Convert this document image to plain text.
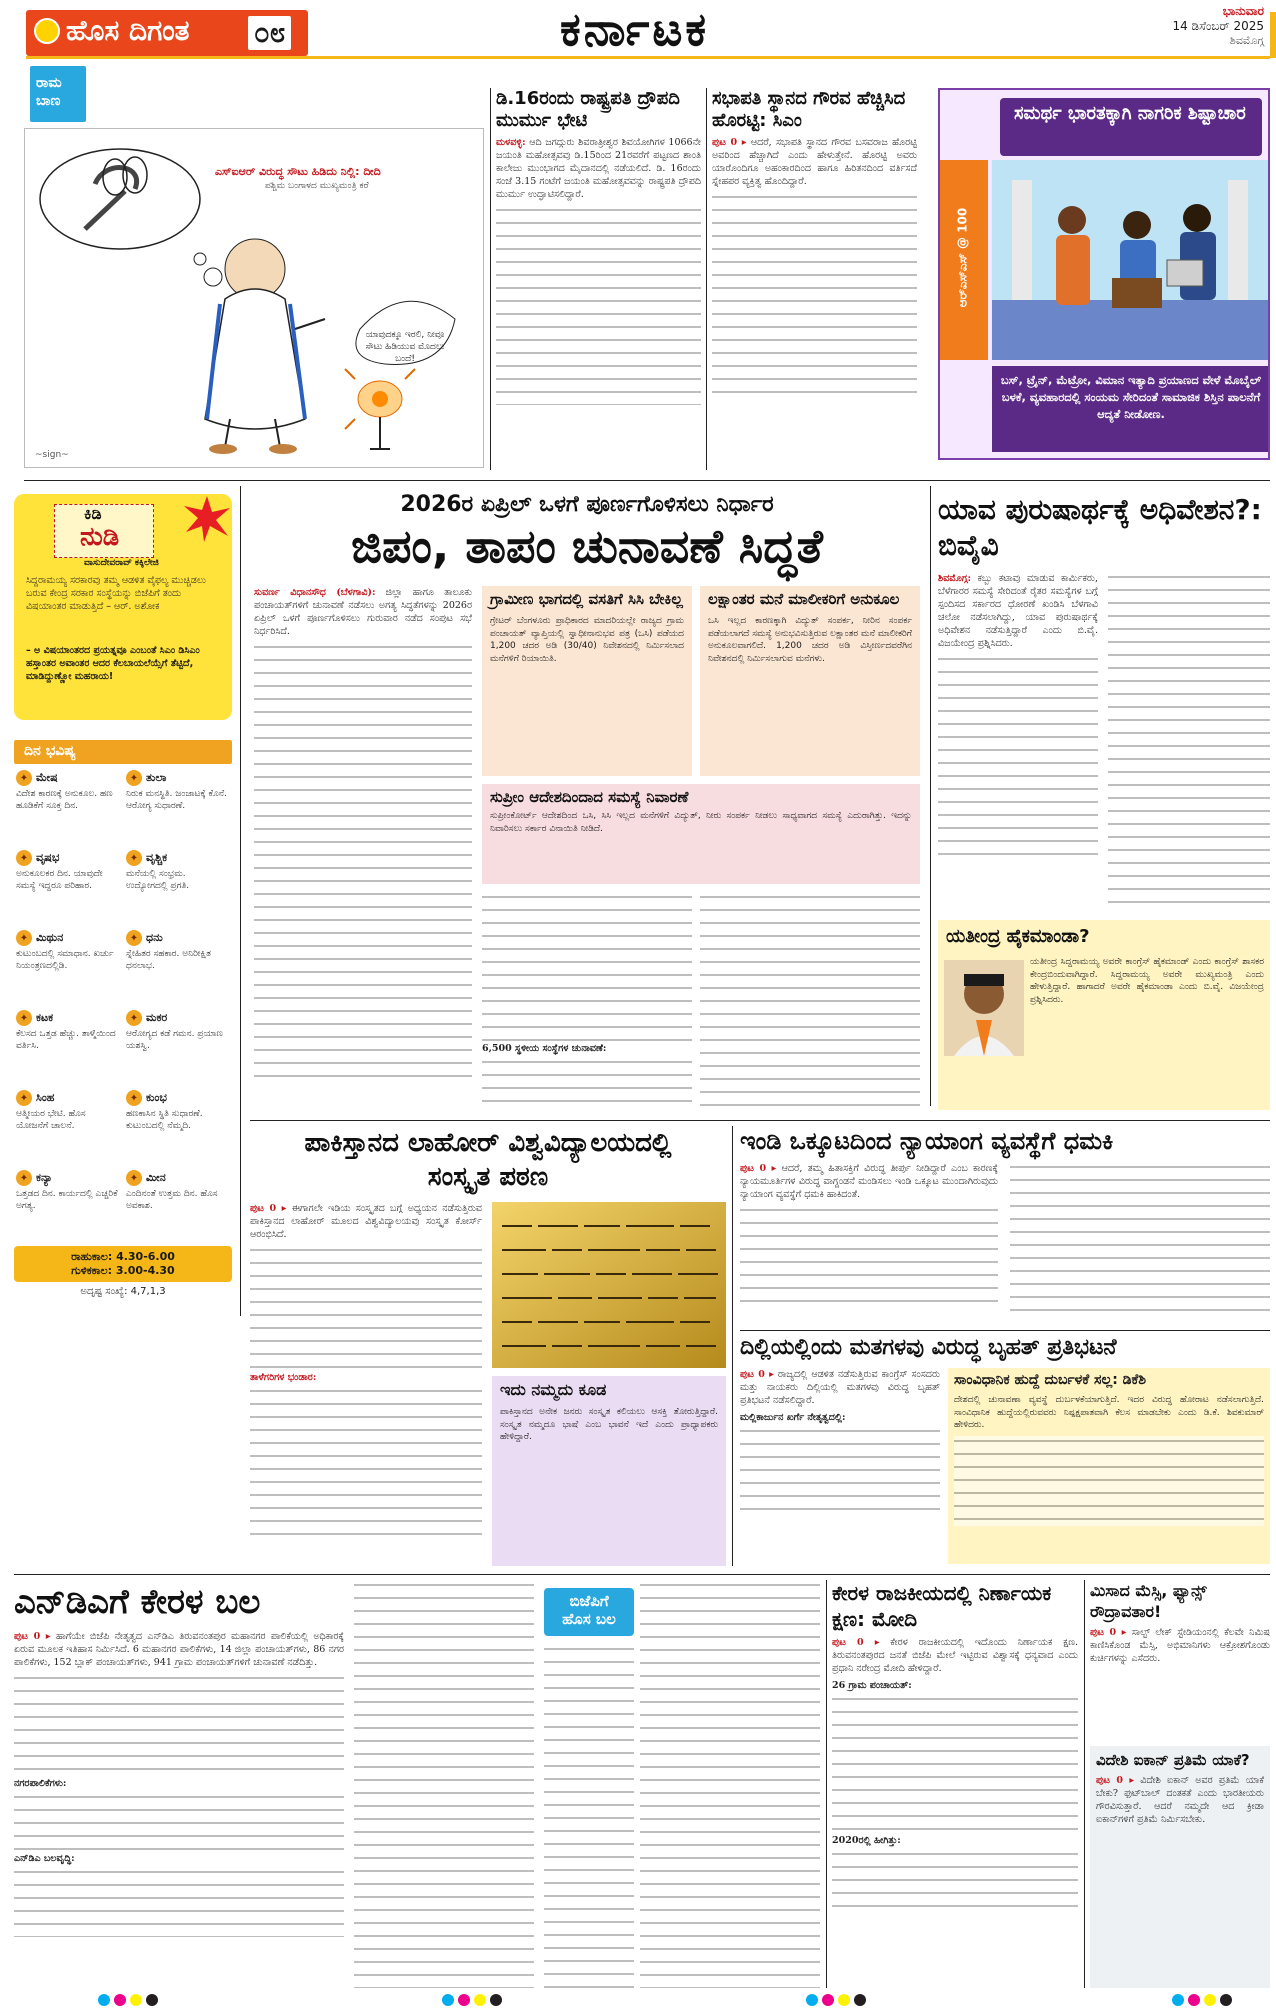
ಹೊಸ ದಿಗಂತ ೦೮	ಕರ್ನಾಟಕ	ಭಾನುವಾರ
14 ಡಿಸೆಂಬರ್ 2025
ಶಿವಮೊಗ್ಗ
ರಾಮ ಬಾಣ
ಎಸ್‌ಐಆರ್ ವಿರುದ್ಧ ಸೌಟು ಹಿಡಿದು ನಿಲ್ಲಿ: ದೀದಿ
ಪಶ್ಚಿಮ ಬಂಗಾಳದ ಮುಖ್ಯಮಂತ್ರಿ ಕರೆ
~sign~
ಯಾವುದಕ್ಕೂ ಇರಲಿ, ನೀವೂ ಸೌಟು ಹಿಡಿಯುವ ಮೊದಲು ಬಂದೆ!
ಡಿ.16ರಂದು ರಾಷ್ಟ್ರಪತಿ ದ್ರೌಪದಿ ಮುರ್ಮು ಭೇಟಿ
ಮಳವಳ್ಳಿ: ಆದಿ ಜಗದ್ಗುರು ಶಿವರಾತ್ರೀಶ್ವರ ಶಿವಯೋಗಿಗಳ 1066ನೇ ಜಯಂತಿ ಮಹೋತ್ಸವವು ಡಿ.15ರಿಂದ 21ರವರೆಗೆ ಪಟ್ಟಣದ ಶಾಂತಿ ಕಾಲೇಜು ಮುಂಭಾಗದ ಮೈದಾನದಲ್ಲಿ ನಡೆಯಲಿದೆ. ಡಿ. 16ರಂದು ಸಂಜೆ 3.15 ಗಂಟೆಗೆ ಜಯಂತಿ ಮಹೋತ್ಸವವನ್ನು ರಾಷ್ಟ್ರಪತಿ ದ್ರೌಪದಿ ಮುರ್ಮು ಉದ್ಘಾಟಿಸಲಿದ್ದಾರೆ.
ಸಭಾಪತಿ ಸ್ಥಾನದ ಗೌರವ ಹೆಚ್ಚಿಸಿದ ಹೊರಟ್ಟಿ: ಸಿಎಂ
ಪುಟ 0 ▸ ಆದರೆ, ಸಭಾಪತಿ ಸ್ಥಾನದ ಗೌರವ ಬಸವರಾಜ ಹೊರಟ್ಟಿ ಅವರಿಂದ ಹೆಚ್ಚಾಗಿದೆ ಎಂದು ಹೇಳುತ್ತೇನೆ. ಹೊರಟ್ಟಿ ಅವರು ಯಾರೊಂದಿಗೂ ಅಹಂಕಾರದಿಂದ ಹಾಗೂ ಹಿರಿತನದಿಂದ ವರ್ತಿಸದೆ ಸ್ನೇಹಪರ ವ್ಯಕ್ತಿತ್ವ ಹೊಂದಿದ್ದಾರೆ.
ಸಮರ್ಥ ಭಾರತಕ್ಕಾಗಿ ನಾಗರಿಕ ಶಿಷ್ಟಾಚಾರ
ಆರ್‌ಎಸ್‌ಎಸ್ @ 100
ಬಸ್, ಟ್ರೈನ್, ಮೆಟ್ರೋ, ವಿಮಾನ ಇತ್ಯಾದಿ ಪ್ರಯಾಣದ ವೇಳೆ ಮೊಬೈಲ್ ಬಳಕೆ, ವ್ಯವಹಾರದಲ್ಲಿ ಸಂಯಮ ಸೇರಿದಂತೆ ಸಾಮಾಜಿಕ ಶಿಸ್ತಿನ ಪಾಲನೆಗೆ ಆದ್ಯತೆ ನೀಡೋಣ.
ಕಿಡಿ
ನುಡಿ
ವಾಸುದೇವರಾವ್ ಕಕ್ಕಿಲೇಜಿ
ಸಿದ್ದರಾಮಯ್ಯ ಸರಕಾರವು ತಮ್ಮ ಆಡಳಿತ ವೈಫಲ್ಯ ಮುಚ್ಚಿಡಲು ಬರುವ ಕೇಂದ್ರ ಸರಕಾರ ಸಂಸ್ಥೆಯನ್ನು ಬಿಜೆಪಿಗೆ ತಂದು ವಿಷಯಾಂತರ ಮಾಡುತ್ತಿದೆ – ಆರ್. ಅಶೋಕ
– ಅ ವಿಷಯಾಂತರದ ಪ್ರಯತ್ನವೂ ಎಂಬಂತೆ ಸಿಎಂ ಡಿಸಿಎಂ ಹಸ್ತಾಂತರ ಅವಾಂತರ ಆದರ ಕೆಲಬಾಯಲೆಯ್ಸೆಗೆ ತೆಟ್ಟಿದೆ, ಮಾಡಿದ್ದುಣ್ಣೋ ಮಹರಾಯ!
ದಿನ ಭವಿಷ್ಯ
✦ ಮೇಷ
ವಿದೇಶ ಕಾರಣಕ್ಕೆ ಅನುಕೂಲ. ಹಣ ಹೂಡಿಕೆಗೆ ಸೂಕ್ತ ದಿನ.
✦ ತುಲಾ
ನಿರುಕ ಮನಸ್ಥಿತಿ. ಜಂಜಾಟಕ್ಕೆ ಕೊನೆ. ಆರೋಗ್ಯ ಸುಧಾರಣೆ.
✦ ವೃಷಭ
ಅನುಕೂಲಕರ ದಿನ. ಯಾವುದೇ ಸಮಸ್ಯೆ ಇದ್ದರೂ ಪರಿಹಾರ.
✦ ವೃಶ್ಚಿಕ
ಮನೆಯಲ್ಲಿ ಸಂಭ್ರಮ. ಉದ್ಯೋಗದಲ್ಲಿ ಪ್ರಗತಿ.
✦ ಮಿಥುನ
ಕುಟುಂಬದಲ್ಲಿ ಸಮಾಧಾನ. ಖರ್ಚು ನಿಯಂತ್ರಣದಲ್ಲಿಡಿ.
✦ ಧನು
ಸ್ನೇಹಿತರ ಸಹಕಾರ. ಅನಿರೀಕ್ಷಿತ ಧನಲಾಭ.
✦ ಕಟಕ
ಕೆಲಸದ ಒತ್ತಡ ಹೆಚ್ಚು. ತಾಳ್ಮೆಯಿಂದ ವರ್ತಿಸಿ.
✦ ಮಕರ
ಆರೋಗ್ಯದ ಕಡೆ ಗಮನ. ಪ್ರಯಾಣ ಯಶಸ್ವಿ.
✦ ಸಿಂಹ
ಆತ್ಮೀಯರ ಭೇಟಿ. ಹೊಸ ಯೋಜನೆಗೆ ಚಾಲನೆ.
✦ ಕುಂಭ
ಹಣಕಾಸಿನ ಸ್ಥಿತಿ ಸುಧಾರಣೆ. ಕುಟುಂಬದಲ್ಲಿ ನೆಮ್ಮದಿ.
✦ ಕನ್ಯಾ
ಒತ್ತಡದ ದಿನ. ಕಾರ್ಯದಲ್ಲಿ ಎಚ್ಚರಿಕೆ ಅಗತ್ಯ.
✦ ಮೀನ
ಎಂದಿನಂತೆ ಉತ್ತಮ ದಿನ. ಹೊಸ ಅವಕಾಶ.
ರಾಹುಕಾಲ: 4.30-6.00
ಗುಳಿಕಕಾಲ: 3.00-4.30
ಅದೃಷ್ಟ ಸಂಖ್ಯೆ: 4,7,1,3
2026ರ ಏಪ್ರಿಲ್ ಒಳಗೆ ಪೂರ್ಣಗೊಳಿಸಲು ನಿರ್ಧಾರ
ಜಿಪಂ, ತಾಪಂ ಚುನಾವಣೆ ಸಿದ್ಧತೆ
ಸುವರ್ಣ ವಿಧಾನಸೌಧ (ಬೆಳಗಾವಿ): ಜಿಲ್ಲಾ ಹಾಗೂ ತಾಲೂಕು ಪಂಚಾಯತ್‌ಗಳಿಗೆ ಚುನಾವಣೆ ನಡೆಸಲು ಅಗತ್ಯ ಸಿದ್ಧತೆಗಳನ್ನು 2026ರ ಏಪ್ರಿಲ್ ಒಳಗೆ ಪೂರ್ಣಗೊಳಿಸಲು ಗುರುವಾರ ನಡೆದ ಸಂಪುಟ ಸಭೆ ನಿರ್ಧರಿಸಿದೆ.
ಗ್ರಾಮೀಣ ಭಾಗದಲ್ಲಿ ವಸತಿಗೆ ಸಿಸಿ ಬೇಕಿಲ್ಲ
ಗ್ರೇಟರ್ ಬೆಂಗಳೂರು ಪ್ರಾಧಿಕಾರದ ಮಾದರಿಯಲ್ಲೇ ರಾಜ್ಯದ ಗ್ರಾಮ ಪಂಚಾಯತ್ ವ್ಯಾಪ್ತಿಯಲ್ಲಿ ಸ್ವಾಧೀನಾನುಭವ ಪತ್ರ (ಒಸಿ) ಪಡೆಯದ 1,200 ಚದರ ಅಡಿ (30/40) ನಿವೇಶನದಲ್ಲಿ ನಿರ್ಮಿಸಲಾದ ಮನೆಗಳಿಗೆ ರಿಯಾಯಿತಿ.
ಲಕ್ಷಾಂತರ ಮನೆ ಮಾಲೀಕರಿಗೆ ಅನುಕೂಲ
ಒಸಿ ಇಲ್ಲದ ಕಾರಣಕ್ಕಾಗಿ ವಿದ್ಯುತ್ ಸಂಪರ್ಕ, ನೀರಿನ ಸಂಪರ್ಕ ಪಡೆಯಲಾಗದೆ ಸಮಸ್ಯೆ ಅನುಭವಿಸುತ್ತಿರುವ ಲಕ್ಷಾಂತರ ಮನೆ ಮಾಲೀಕರಿಗೆ ಅನುಕೂಲವಾಗಲಿದೆ. 1,200 ಚದರ ಅಡಿ ವಿಸ್ತೀರ್ಣದವರೆಗಿನ ನಿವೇಶನದಲ್ಲಿ ನಿರ್ಮಿಸಲಾಗುವ ಮನೆಗಳು.
ಸುಪ್ರೀಂ ಆದೇಶದಿಂದಾದ ಸಮಸ್ಯೆ ನಿವಾರಣೆ
ಸುಪ್ರೀಂಕೋರ್ಟ್ ಆದೇಶದಿಂದ ಒಸಿ, ಸಿಸಿ ಇಲ್ಲದ ಮನೆಗಳಿಗೆ ವಿದ್ಯುತ್, ನೀರು ಸಂಪರ್ಕ ನೀಡಲು ಸಾಧ್ಯವಾಗದ ಸಮಸ್ಯೆ ಎದುರಾಗಿತ್ತು. ಇದನ್ನು ನಿವಾರಿಸಲು ಸರ್ಕಾರ ವಿನಾಯಿತಿ ನೀಡಿದೆ.
6,500 ಸ್ಥಳೀಯ ಸಂಸ್ಥೆಗಳ ಚುನಾವಣೆ:
ಯಾವ ಪುರುಷಾರ್ಥಕ್ಕೆ ಅಧಿವೇಶನ?: ಬಿವೈವಿ
ಶಿವಮೊಗ್ಗ: ಕಬ್ಬು ಕಟಾವು ಮಾಡುವ ಕಾರ್ಮಿಕರು, ಬೆಳೆಗಾರರ ಸಮಸ್ಯೆ ಸೇರಿದಂತೆ ರೈತರ ಸಮಸ್ಯೆಗಳ ಬಗ್ಗೆ ಸ್ಪಂದಿಸದ ಸರ್ಕಾರದ ಧೋರಣೆ ಖಂಡಿಸಿ ಬೆಳಗಾವಿ ಚಲೋ ನಡೆಸಲಾಗಿದ್ದು, ಯಾವ ಪುರುಷಾರ್ಥಕ್ಕೆ ಅಧಿವೇಶನ ನಡೆಸುತ್ತಿದ್ದಾರೆ ಎಂದು ಬಿ.ವೈ. ವಿಜಯೇಂದ್ರ ಪ್ರಶ್ನಿಸಿದರು.
ಯತೀಂದ್ರ ಹೈಕಮಾಂಡಾ?
ಯತೀಂದ್ರ ಸಿದ್ದರಾಮಯ್ಯ ಅವರೇ ಕಾಂಗ್ರೆಸ್ ಹೈಕಮಾಂಡ್ ಎಂದು ಕಾಂಗ್ರೆಸ್ ಶಾಸಕರ ಕೇಂದ್ರಬಿಂದುವಾಗಿದ್ದಾರೆ. ಸಿದ್ದರಾಮಯ್ಯ ಅವರೇ ಮುಖ್ಯಮಂತ್ರಿ ಎಂದು ಹೇಳುತ್ತಿದ್ದಾರೆ. ಹಾಗಾದರೆ ಅವರೇ ಹೈಕಮಾಂಡಾ ಎಂದು ಬಿ.ವೈ. ವಿಜಯೇಂದ್ರ ಪ್ರಶ್ನಿಸಿದರು.
ಪಾಕಿಸ್ತಾನದ ಲಾಹೋರ್ ವಿಶ್ವವಿದ್ಯಾಲಯದಲ್ಲಿ ಸಂಸ್ಕೃತ ಪಠಣ
ಪುಟ 0 ▸ ಈಗಾಗಲೇ ಇಡಿಯ ಸಂಸ್ಕೃತದ ಬಗ್ಗೆ ಅಧ್ಯಯನ ನಡೆಸುತ್ತಿರುವ ಪಾಕಿಸ್ತಾನದ ಲಾಹೋರ್ ಮೂಲದ ವಿಶ್ವವಿದ್ಯಾಲಯವು ಸಂಸ್ಕೃತ ಕೋರ್ಸ್ ಆರಂಭಿಸಿದೆ.
ತಾಳೆಗರಿಗಳ ಭಂಡಾರ:
ಇದು ನಮ್ಮದು ಕೂಡ
ಪಾಕಿಸ್ತಾನದ ಅನೇಕ ಜನರು ಸಂಸ್ಕೃತ ಕಲಿಯಲು ಆಸಕ್ತಿ ತೋರುತ್ತಿದ್ದಾರೆ. ಸಂಸ್ಕೃತ ನಮ್ಮದೂ ಭಾಷೆ ಎಂಬ ಭಾವನೆ ಇದೆ ಎಂದು ಪ್ರಾಧ್ಯಾಪಕರು ಹೇಳಿದ್ದಾರೆ.
ಇಂಡಿ ಒಕ್ಕೂಟದಿಂದ ನ್ಯಾಯಾಂಗ ವ್ಯವಸ್ಥೆಗೆ ಧಮಕಿ
ಪುಟ 0 ▸ ಆದರೆ, ತಮ್ಮ ಹಿತಾಸಕ್ತಿಗೆ ವಿರುದ್ಧ ತೀರ್ಪು ನೀಡಿದ್ದಾರೆ ಎಂಬ ಕಾರಣಕ್ಕೆ ನ್ಯಾಯಮೂರ್ತಿಗಳ ವಿರುದ್ಧ ವಾಗ್ದಂಡನೆ ಮಂಡಿಸಲು ಇಂಡಿ ಒಕ್ಕೂಟ ಮುಂದಾಗಿರುವುದು ನ್ಯಾಯಾಂಗ ವ್ಯವಸ್ಥೆಗೆ ಧಮಕಿ ಹಾಕಿದಂತೆ.
ದಿಲ್ಲಿಯಲ್ಲಿಂದು ಮತಗಳವು ವಿರುದ್ಧ ಬೃಹತ್ ಪ್ರತಿಭಟನೆ
ಪುಟ 0 ▸ ರಾಜ್ಯದಲ್ಲಿ ಆಡಳಿತ ನಡೆಸುತ್ತಿರುವ ಕಾಂಗ್ರೆಸ್ ಸಂಸದರು ಮತ್ತು ನಾಯಕರು ದಿಲ್ಲಿಯಲ್ಲಿ ಮತಗಳವು ವಿರುದ್ಧ ಬೃಹತ್ ಪ್ರತಿಭಟನೆ ನಡೆಸಲಿದ್ದಾರೆ.
ಮಲ್ಲಿಕಾರ್ಜುನ ಖರ್ಗೆ ನೇತೃತ್ವದಲ್ಲಿ:
ಸಾಂವಿಧಾನಿಕ ಹುದ್ದೆ ದುರ್ಬಳಕೆ ಸಲ್ಲ: ಡಿಕೆಶಿ
ದೇಶದಲ್ಲಿ ಚುನಾವಣಾ ವ್ಯವಸ್ಥೆ ದುರ್ಬಳಕೆಯಾಗುತ್ತಿದೆ. ಇದರ ವಿರುದ್ಧ ಹೋರಾಟ ನಡೆಸಲಾಗುತ್ತಿದೆ. ಸಾಂವಿಧಾನಿಕ ಹುದ್ದೆಯಲ್ಲಿರುವವರು ನಿಷ್ಪಕ್ಷಪಾತವಾಗಿ ಕೆಲಸ ಮಾಡಬೇಕು ಎಂದು ಡಿ.ಕೆ. ಶಿವಕುಮಾರ್ ಹೇಳಿದರು.
ಎನ್‌ಡಿಎಗೆ ಕೇರಳ ಬಲ
ಪುಟ 0 ▸ ಹಾಗೆಯೇ ಬಿಜೆಪಿ ನೇತೃತ್ವದ ಎನ್‌ಡಿಎ ತಿರುವನಂತಪುರ ಮಹಾನಗರ ಪಾಲಿಕೆಯಲ್ಲಿ ಅಧಿಕಾರಕ್ಕೆ ಏರುವ ಮೂಲಕ ಇತಿಹಾಸ ನಿರ್ಮಿಸಿದೆ. 6 ಮಹಾನಗರ ಪಾಲಿಕೆಗಳು, 14 ಜಿಲ್ಲಾ ಪಂಚಾಯತ್‌ಗಳು, 86 ನಗರ ಪಾಲಿಕೆಗಳು, 152 ಬ್ಲಾಕ್ ಪಂಚಾಯತ್‌ಗಳು, 941 ಗ್ರಾಮ ಪಂಚಾಯತ್‌ಗಳಿಗೆ ಚುನಾವಣೆ ನಡೆದಿತ್ತು.
ನಗರಪಾಲಿಕೆಗಳು:
ಎನ್‌ಡಿಎ ಬಲವೃದ್ಧಿ:
ಬಿಜೆಪಿಗೆ
ಹೊಸ ಬಲ
ಕೇರಳ ರಾಜಕೀಯದಲ್ಲಿ ನಿರ್ಣಾಯಕ ಕ್ಷಣ: ಮೋದಿ
ಪುಟ 0 ▸ ಕೇರಳ ರಾಜಕೀಯದಲ್ಲಿ ಇದೊಂದು ನಿರ್ಣಾಯಕ ಕ್ಷಣ. ತಿರುವನಂತಪುರದ ಜನತೆ ಬಿಜೆಪಿ ಮೇಲೆ ಇಟ್ಟಿರುವ ವಿಶ್ವಾಸಕ್ಕೆ ಧನ್ಯವಾದ ಎಂದು ಪ್ರಧಾನಿ ನರೇಂದ್ರ ಮೋದಿ ಹೇಳಿದ್ದಾರೆ.
26 ಗ್ರಾಮ ಪಂಚಾಯತ್:
2020ರಲ್ಲಿ ಹೀಗಿತ್ತು:
ಮಿಸಾದ ಮೆಸ್ಸಿ, ಫ್ಯಾನ್ಸ್ ರೌದ್ರಾವತಾರ!
ಪುಟ 0 ▸ ಸಾಲ್ಟ್ ಲೇಕ್ ಸ್ಟೇಡಿಯಂನಲ್ಲಿ ಕೆಲವೇ ನಿಮಿಷ ಕಾಣಿಸಿಕೊಂಡ ಮೆಸ್ಸಿ, ಅಭಿಮಾನಿಗಳು ಆಕ್ರೋಶಗೊಂಡು ಕುರ್ಚಿಗಳನ್ನು ಎಸೆದರು.
ವಿದೇಶಿ ಐಕಾನ್ ಪ್ರತಿಮೆ ಯಾಕೆ?
ಪುಟ 0 ▸ ವಿದೇಶಿ ಐಕಾನ್ ಅವರ ಪ್ರತಿಮೆ ಯಾಕೆ ಬೇಕು? ಫುಟ್‌ಬಾಲ್ ದಂತಕತೆ ಎಂದು ಭಾರತೀಯರು ಗೌರವಿಸುತ್ತಾರೆ. ಆದರೆ ನಮ್ಮದೇ ಆದ ಕ್ರೀಡಾ ಐಕಾನ್‌ಗಳಿಗೆ ಪ್ರತಿಮೆ ನಿರ್ಮಿಸಬೇಕು.
